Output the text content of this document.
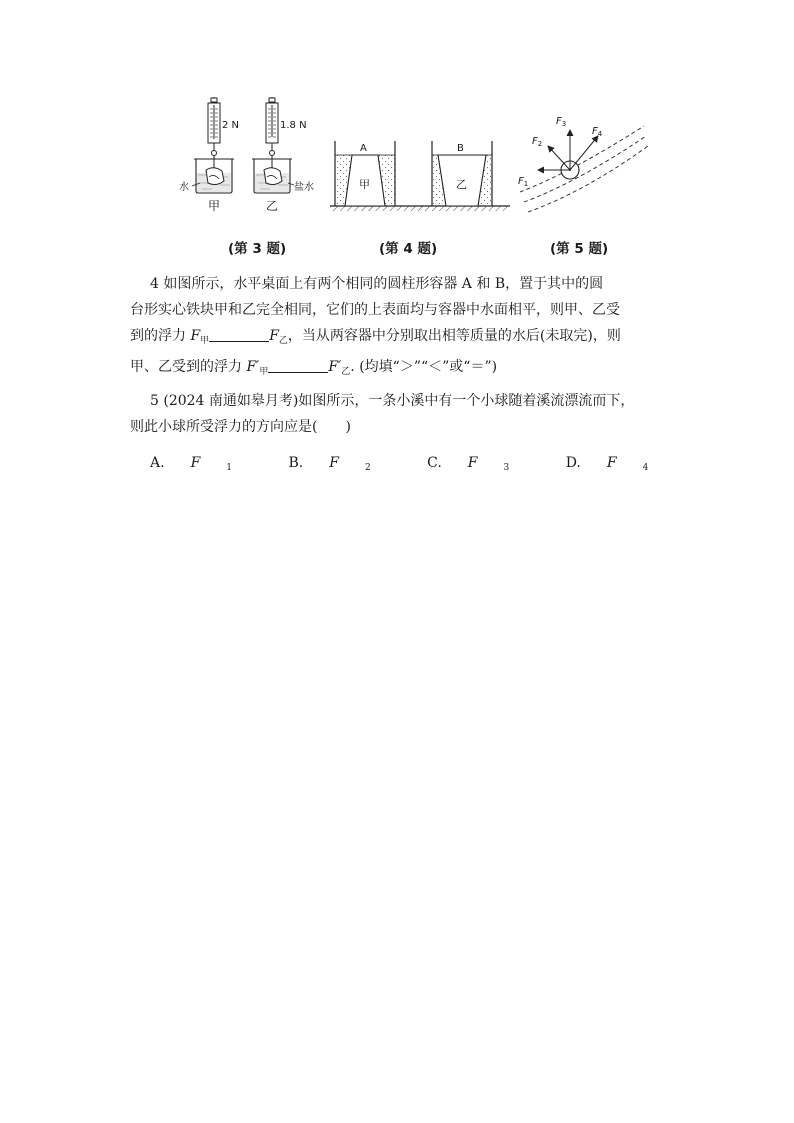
2 N	1.8 N
水	盐水
甲	乙
A	B
甲	乙	$F_1$
$F_2$
$F_3$
$F_4$
(第 3 题)	(第 4 题)	(第 5 题)
4 如图所示，水平桌面上有两个相同的圆柱形容器 A 和 B，置于其中的圆
台形实心铁块甲和乙完全相同，它们的上表面均与容器中水面相平，则甲、乙受
到的浮力 $F_甲$	$F_乙$，当从两容器中分别取出相等质量的水后(未取完)，则
甲、乙受到的浮力 $F'_甲$	$F'_乙$. (均填“＞”“＜”或“＝”)
5 (2024 南通如皋月考)如图所示，一条小溪中有一个小球随着溪流漂流而下，
则此小球所受浮力的方向应是(　　)
A.F	1	B.F	2	C.F	3	D.F	4
